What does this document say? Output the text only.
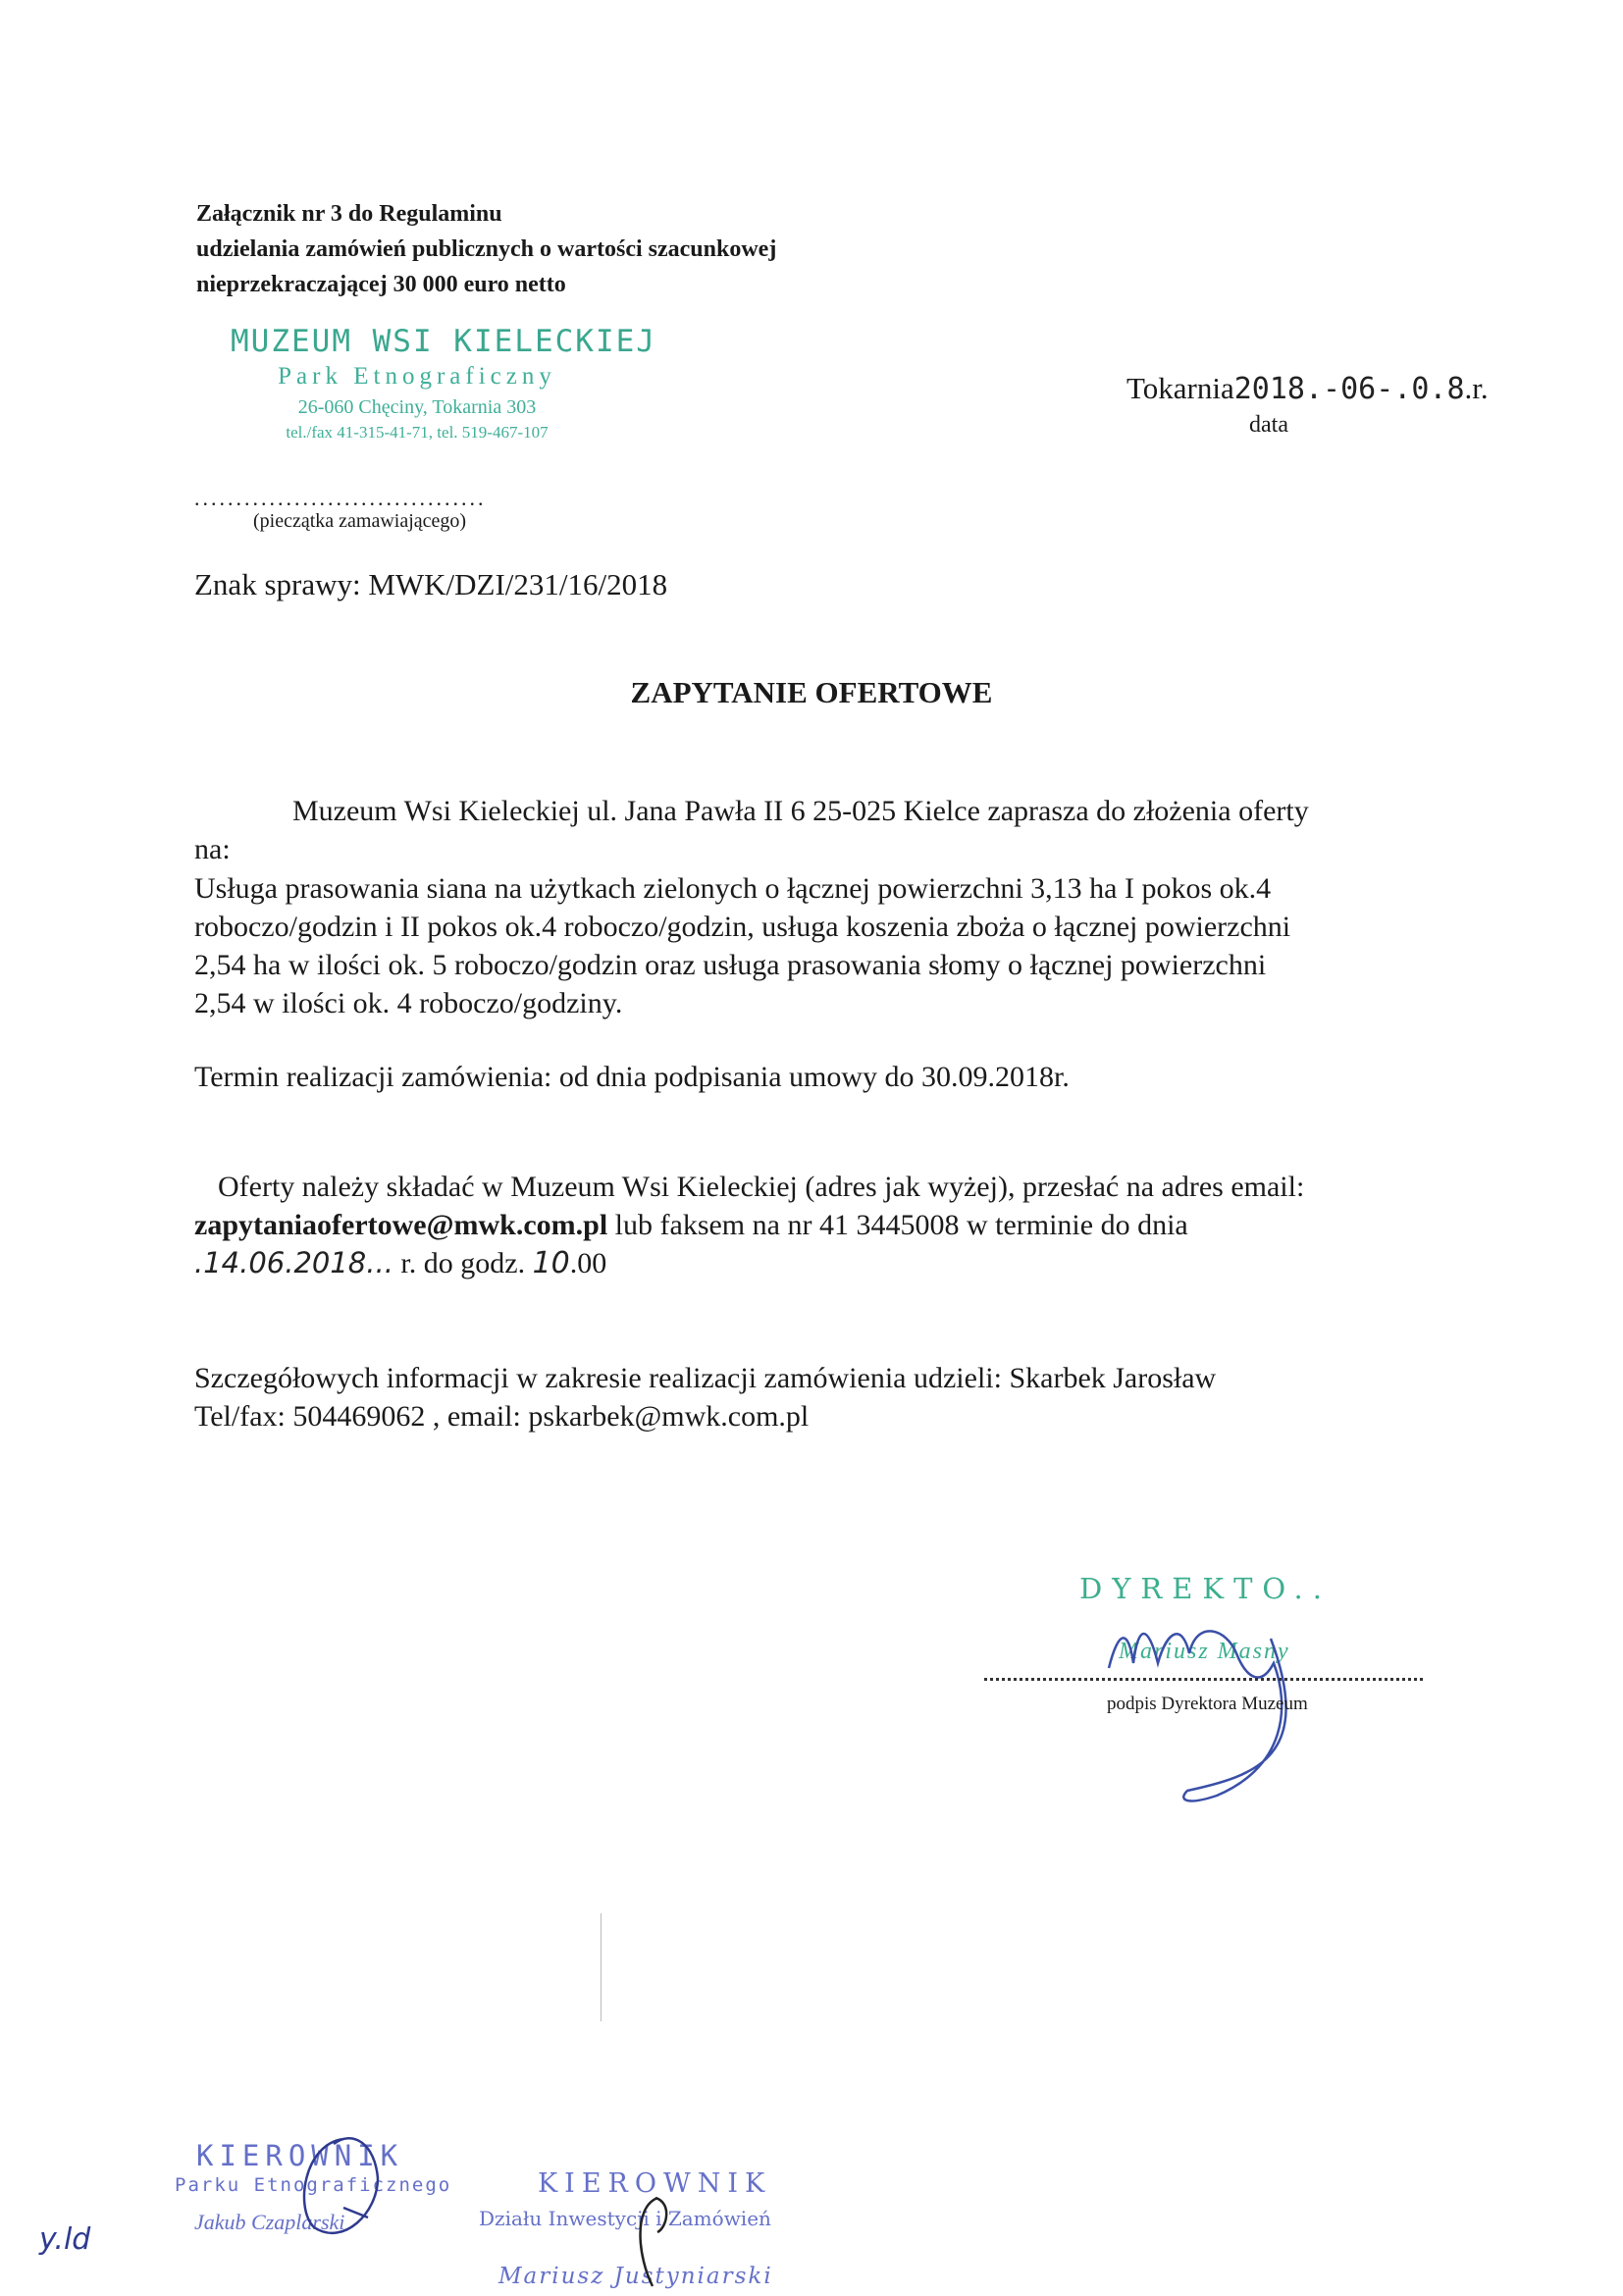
Załącznik nr 3 do Regulaminu
udzielania zamówień publicznych o wartości szacunkowej
nieprzekraczającej 30 000 euro netto
MUZEUM WSI KIELECKIEJ
Park Etnograficzny
26-060 Chęciny, Tokarnia 303
tel./fax 41-315-41-71, tel. 519-467-107
...................................
(pieczątka zamawiającego)
Tokarnia2018.-06-.0.8.r.
data
Znak sprawy: MWK/DZI/231/16/2018
ZAPYTANIE OFERTOWE
Muzeum Wsi Kieleckiej ul. Jana Pawła II 6 25-025 Kielce zaprasza do złożenia oferty
na:
Usługa prasowania siana na użytkach zielonych o łącznej powierzchni 3,13 ha I pokos ok.4
roboczo/godzin i II pokos ok.4 roboczo/godzin, usługa koszenia zboża o łącznej powierzchni
2,54 ha w ilości ok. 5 roboczo/godzin oraz usługa prasowania słomy o łącznej powierzchni
2,54 w ilości ok. 4 roboczo/godziny.
Termin realizacji zamówienia: od dnia podpisania umowy do 30.09.2018r.
Oferty należy składać w Muzeum Wsi Kieleckiej (adres jak wyżej), przesłać na adres email:
zapytaniaofertowe@mwk.com.pl lub faksem na nr 41 3445008 w terminie do dnia
.14.06.2018... r. do godz. 10.00
Szczegółowych informacji w zakresie realizacji zamówienia udzieli: Skarbek Jarosław
Tel/fax: 504469062 , email: pskarbek@mwk.com.pl
DYREKTO..
Mariusz Masny
podpis Dyrektora Muzeum
KIEROWNIK
Parku Etnograficznego
Jakub Czaplarski
KIEROWNIK
Działu Inwestycji i Zamówień
Mariusz Justyniarski
y.ld
